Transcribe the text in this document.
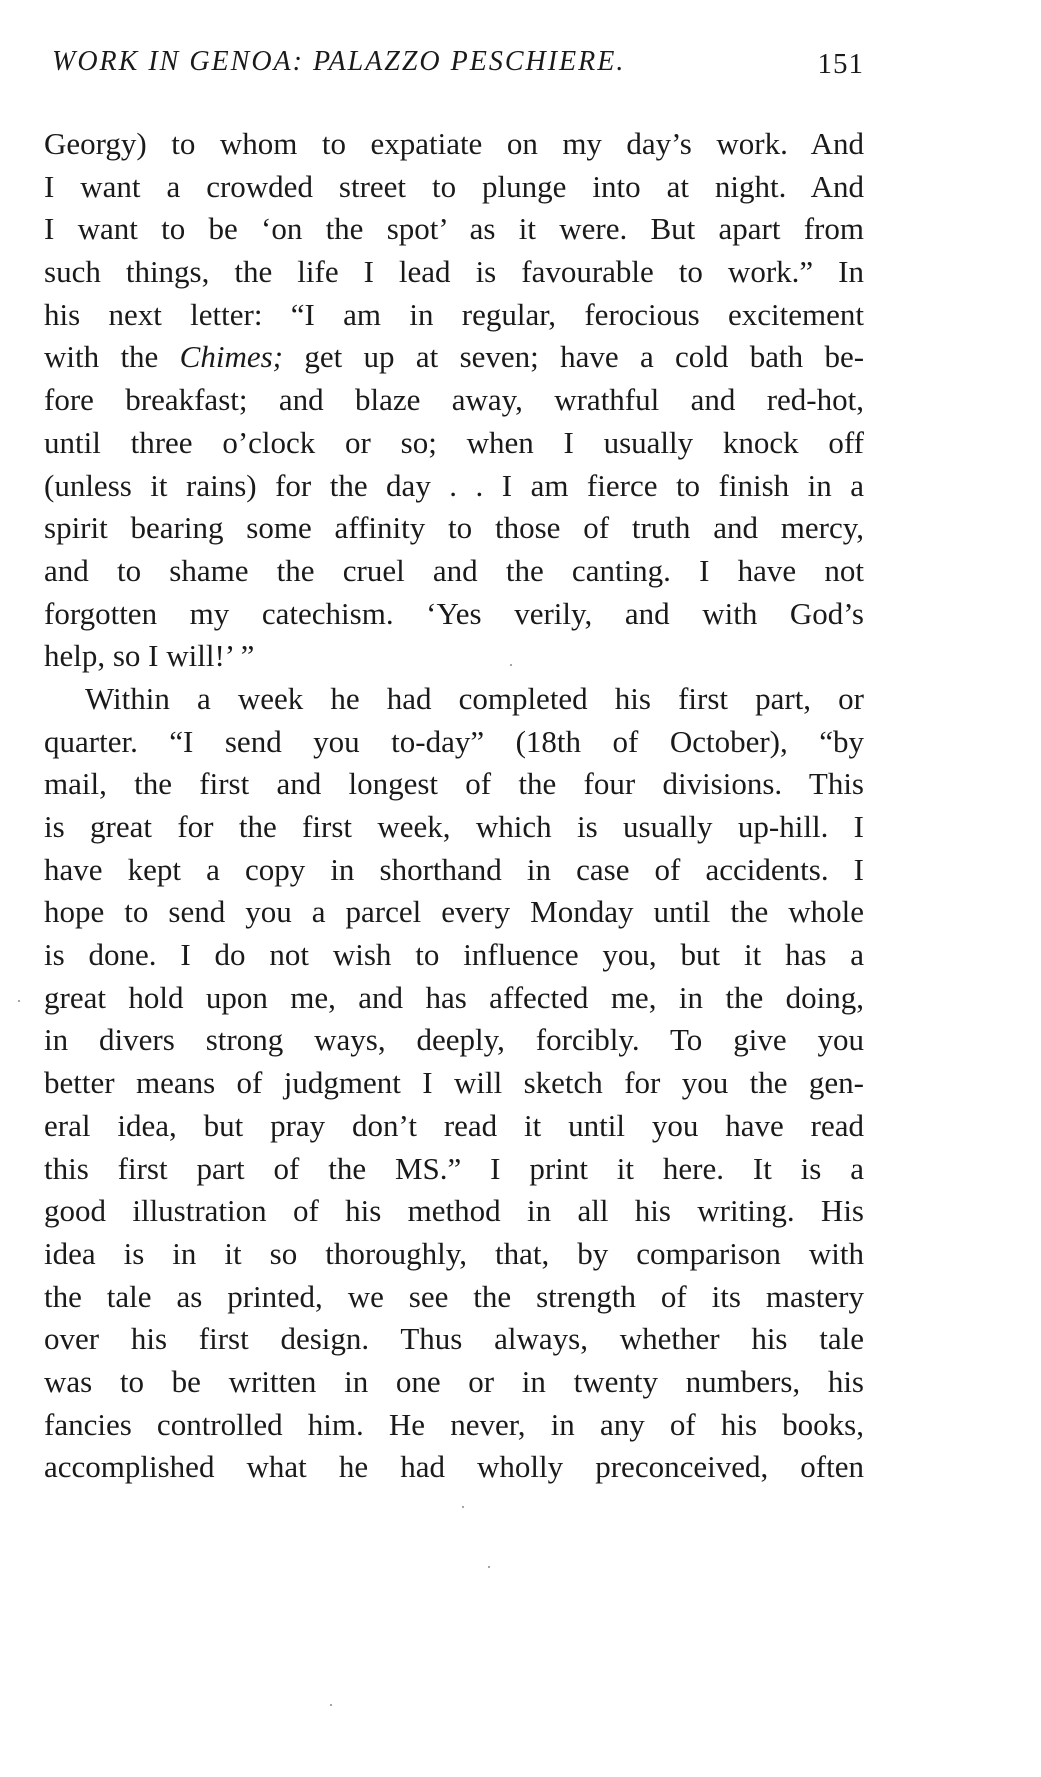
WORK IN GENOA: PALAZZO PESCHIERE.	151
Georgy) to whom to expatiate on my day’s work. And
I want a crowded street to plunge into at night. And
I want to be ‘on the spot’ as it were. But apart from
such things, the life I lead is favourable to work.” In
his next letter: “I am in regular, ferocious excitement
with the Chimes; get up at seven; have a cold bath be-
fore breakfast; and blaze away, wrathful and red-hot,
until three o’clock or so; when I usually knock off
(unless it rains) for the day . . I am fierce to finish in a
spirit bearing some affinity to those of truth and mercy,
and to shame the cruel and the canting. I have not
forgotten my catechism. ‘Yes verily, and with God’s
help, so I will!’ ”
Within a week he had completed his first part, or
quarter. “I send you to-day” (18th of October), “by
mail, the first and longest of the four divisions. This
is great for the first week, which is usually up-hill. I
have kept a copy in shorthand in case of accidents. I
hope to send you a parcel every Monday until the whole
is done. I do not wish to influence you, but it has a
great hold upon me, and has affected me, in the doing,
in divers strong ways, deeply, forcibly. To give you
better means of judgment I will sketch for you the gen-
eral idea, but pray don’t read it until you have read
this first part of the MS.” I print it here. It is a
good illustration of his method in all his writing. His
idea is in it so thoroughly, that, by comparison with
the tale as printed, we see the strength of its mastery
over his first design. Thus always, whether his tale
was to be written in one or in twenty numbers, his
fancies controlled him. He never, in any of his books,
accomplished what he had wholly preconceived, often
